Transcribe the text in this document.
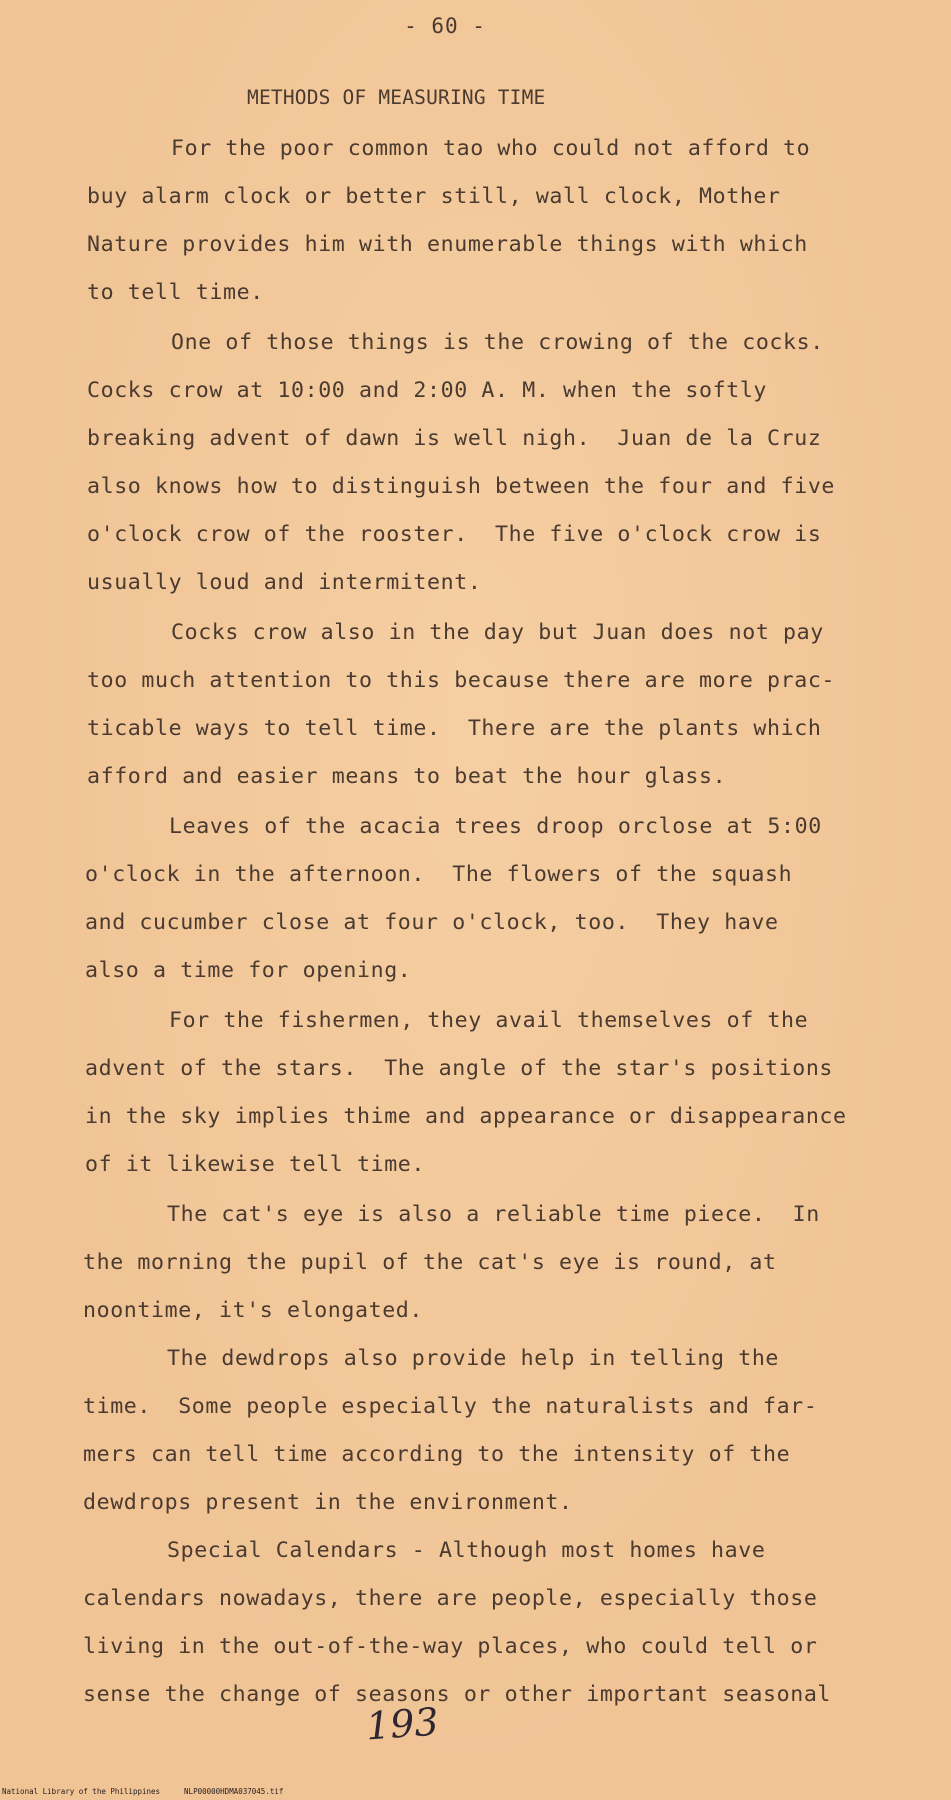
- 60 -
METHODS OF MEASURING TIME
For the poor common tao who could not afford to
buy alarm clock or better still, wall clock, Mother
Nature provides him with enumerable things with which
to tell time.
One of those things is the crowing of the cocks.
Cocks crow at 10:00 and 2:00 A. M. when the softly
breaking advent of dawn is well nigh.  Juan de la Cruz
also knows how to distinguish between the four and five
o'clock crow of the rooster.  The five o'clock crow is
usually loud and intermitent.
Cocks crow also in the day but Juan does not pay
too much attention to this because there are more prac-
ticable ways to tell time.  There are the plants which
afford and easier means to beat the hour glass.
Leaves of the acacia trees droop orclose at 5:00
o'clock in the afternoon.  The flowers of the squash
and cucumber close at four o'clock, too.  They have
also a time for opening.
For the fishermen, they avail themselves of the
advent of the stars.  The angle of the star's positions
in the sky implies thime and appearance or disappearance
of it likewise tell time.
The cat's eye is also a reliable time piece.  In
the morning the pupil of the cat's eye is round, at
noontime, it's elongated.
The dewdrops also provide help in telling the
time.  Some people especially the naturalists and far-
mers can tell time according to the intensity of the
dewdrops present in the environment.
Special Calendars - Although most homes have
calendars nowadays, there are people, especially those
living in the out-of-the-way places, who could tell or
sense the change of seasons or other important seasonal
193
National Library of the Philippines	NLP00000HDMA037045.tif
